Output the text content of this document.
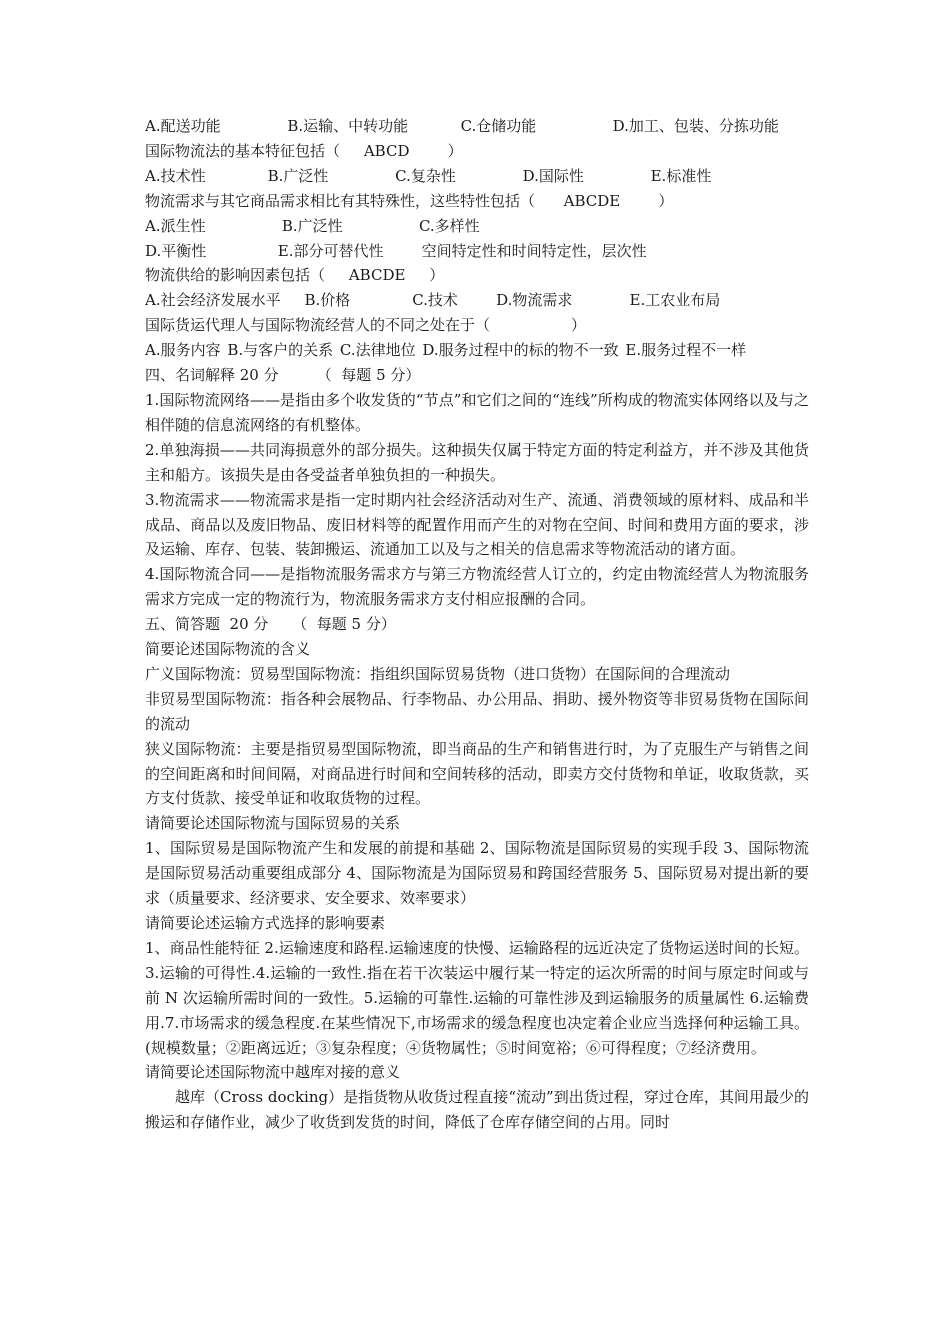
A.配送功能              B.运输、中转功能           C.仓储功能                D.加工、包装、分拣功能
国际物流法的基本特征包括（     ABCD        ）
A.技术性             B.广泛性              C.复杂性              D.国际性              E.标准性
物流需求与其它商品需求相比有其特殊性，这些特性包括（      ABCDE        ）
A.派生性                B.广泛性                C.多样性
D.平衡性               E.部分可替代性        空间特定性和时间特定性，层次性
物流供给的影响因素包括（     ABCDE     ）
A.社会经济发展水平     B.价格             C.技术        D.物流需求            E.工农业布局
国际货运代理人与国际物流经营人的不同之处在于（                 ）

A.服务内容 B.与客户的关系 C.法律地位 D.服务过程中的标的物不一致 E.服务过程不一样

四、名词解释 20 分        （  每题 5 分）

1.国际物流网络——是指由多个收发货的“节点”和它们之间的“连线”所构成的物流实体网络以及与之相伴随的信息流网络的有机整体。

2.单独海损——共同海损意外的部分损失。这种损失仅属于特定方面的特定利益方，并不涉及其他货主和船方。该损失是由各受益者单独负担的一种损失。

3.物流需求——物流需求是指一定时期内社会经济活动对生产、流通、消费领域的原材料、成品和半成品、商品以及废旧物品、废旧材料等的配置作用而产生的对物在空间、时间和费用方面的要求，涉及运输、库存、包装、装卸搬运、流通加工以及与之相关的信息需求等物流活动的诸方面。

4.国际物流合同——是指物流服务需求方与第三方物流经营人订立的，约定由物流经营人为物流服务需求方完成一定的物流行为，物流服务需求方支付相应报酬的合同。

五、简答题  20 分     （  每题 5 分）
简要论述国际物流的含义

广义国际物流：贸易型国际物流：指组织国际贸易货物（进口货物）在国际间的合理流动

非贸易型国际物流：指各种会展物品、行李物品、办公用品、捐助、援外物资等非贸易货物在国际间的流动

狭义国际物流：主要是指贸易型国际物流，即当商品的生产和销售进行时，为了克服生产与销售之间的空间距离和时间间隔，对商品进行时间和空间转移的活动，即卖方交付货物和单证，收取货款，买方支付货款、接受单证和收取货物的过程。

请简要论述国际物流与国际贸易的关系

1、国际贸易是国际物流产生和发展的前提和基础 2、国际物流是国际贸易的实现手段 3、国际物流是国际贸易活动重要组成部分 4、国际物流是为国际贸易和跨国经营服务 5、国际贸易对提出新的要求（质量要求、经济要求、安全要求、效率要求）

请简要论述运输方式选择的影响要素

1、商品性能特征 2.运输速度和路程.运输速度的快慢、运输路程的远近决定了货物运送时间的长短。3.运输的可得性.4.运输的一致性.指在若干次装运中履行某一特定的运次所需的时间与原定时间或与前 N 次运输所需时间的一致性。5.运输的可靠性.运输的可靠性涉及到运输服务的质量属性 6.运输费用.7.市场需求的缓急程度.在某些情况下,市场需求的缓急程度也决定着企业应当选择何种运输工具。 (规模数量；②距离远近；③复杂程度；④货物属性；⑤时间宽裕；⑥可得程度；⑦经济费用。

请简要论述国际物流中越库对接的意义

越库（Cross docking）是指货物从收货过程直接“流动”到出货过程，穿过仓库，其间用最少的搬运和存储作业，减少了收货到发货的时间，降低了仓库存储空间的占用。同时
